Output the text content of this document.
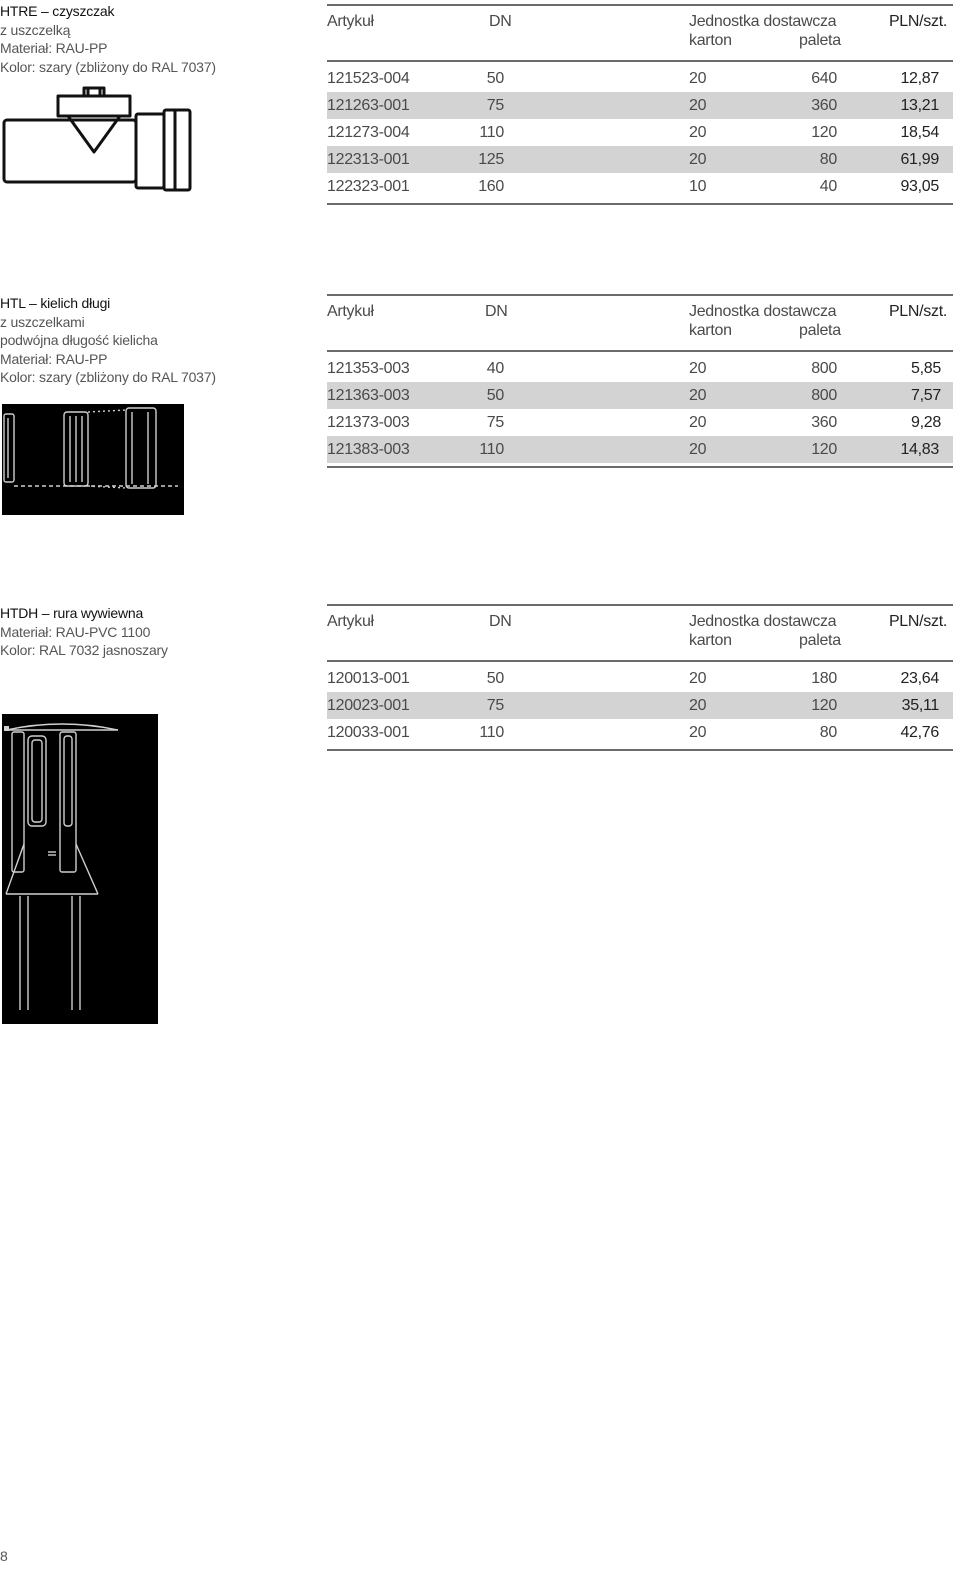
HTRE – czyszczak
z uszczelką
Materiał: RAU-PP
Kolor: szary (zbliżony do RAL 7037)
Artykuł	DN	Jednostka dostawcza
karton	paleta
PLN/szt.
121523-004	50	20	640	12,87
121263-001	75	20	360	13,21
121273-004	110	20	120	18,54
122313-001	125	20	80	61,99
122323-001	160	10	40	93,05
HTL – kielich długi
z uszczelkami
podwójna długość kielicha
Materiał: RAU-PP
Kolor: szary (zbliżony do RAL 7037)
Artykuł	DN	Jednostka dostawcza
karton	paleta
PLN/szt.
121353-003	40	20	800	5,85
121363-003	50	20	800	7,57
121373-003	75	20	360	9,28
121383-003	110	20	120	14,83
HTDH – rura wywiewna
Materiał: RAU-PVC 1100
Kolor: RAL 7032 jasnoszary
Artykuł	DN	Jednostka dostawcza
karton	paleta
PLN/szt.
120013-001	50	20	180	23,64
120023-001	75	20	120	35,11
120033-001	110	20	80	42,76
8
